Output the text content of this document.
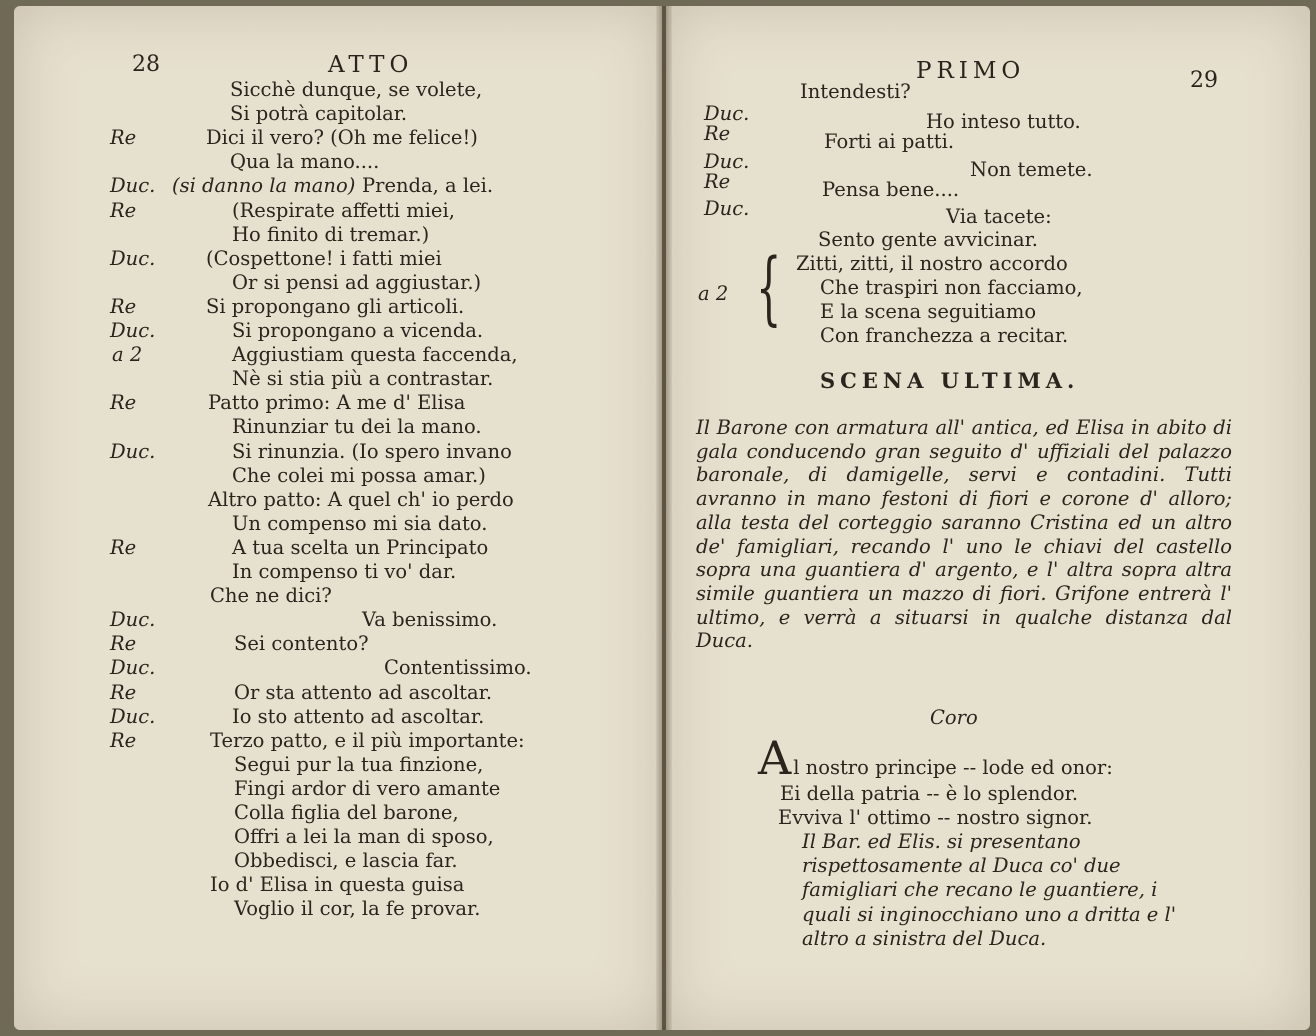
28	ATTO
Sicchè dunque, se volete,
Si potrà capitolar.
Re	Dici il vero? (Oh me felice!)
Qua la mano....
Duc. (si danno la mano) Prenda, a lei.
Re	(Respirate affetti miei,
Ho finito di tremar.)
Duc.	(Cospettone! i fatti miei
Or si pensi ad aggiustar.)
Re	Si propongano gli articoli.
Duc.	Si propongano a vicenda.
a 2	Aggiustiam questa faccenda,
Nè si stia più a contrastar.
Re	Patto primo: A me d' Elisa
Rinunziar tu dei la mano.
Duc.	Si rinunzia. (Io spero invano
Che colei mi possa amar.)
Altro patto: A quel ch' io perdo
Un compenso mi sia dato.
Re	A tua scelta un Principato
In compenso ti vo' dar.
Che ne dici?
Duc.	Va benissimo.
Re	Sei contento?
Duc.	Contentissimo.
Re	Or sta attento ad ascoltar.
Duc.	Io sto attento ad ascoltar.
Re	Terzo patto, e il più importante:
Segui pur la tua finzione,
Fingi ardor di vero amante
Colla figlia del barone,
Offri a lei la man di sposo,
Obbedisci, e lascia far.
Io d' Elisa in questa guisa
Voglio il cor, la fe provar.
PRIMO	29
Intendesti?
Duc.	Ho inteso tutto.
Re	Forti ai patti.
Duc.	Non temete.
Re	Pensa bene....
Duc.	Via tacete:
Sento gente avvicinar.
a 2 { Zitti, zitti, il nostro accordo
Che traspiri non facciamo,
E la scena seguitiamo
Con franchezza a recitar.
SCENA ULTIMA.
Il Barone con armatura all' antica, ed Elisa in abito di gala conducendo gran seguito d' uffiziali del palazzo baronale, di damigelle, servi e contadini. Tutti avranno in mano festoni di fiori e corone d' alloro; alla testa del corteggio saranno Cristina ed un altro de' famigliari, recando l' uno le chiavi del castello sopra una guantiera d' argento, e l' altra sopra altra simile guantiera un mazzo di fiori. Grifone entrerà l' ultimo, e verrà a situarsi in qualche distanza dal Duca.
Coro
A l nostro principe -- lode ed onor:
Ei della patria -- è lo splendor.
Evviva l' ottimo -- nostro signor.
Il Bar. ed Elis. si presentano rispettosamente al Duca co' due famigliari che recano le guantiere, i quali si inginocchiano uno a dritta e l' altro a sinistra del Duca.
